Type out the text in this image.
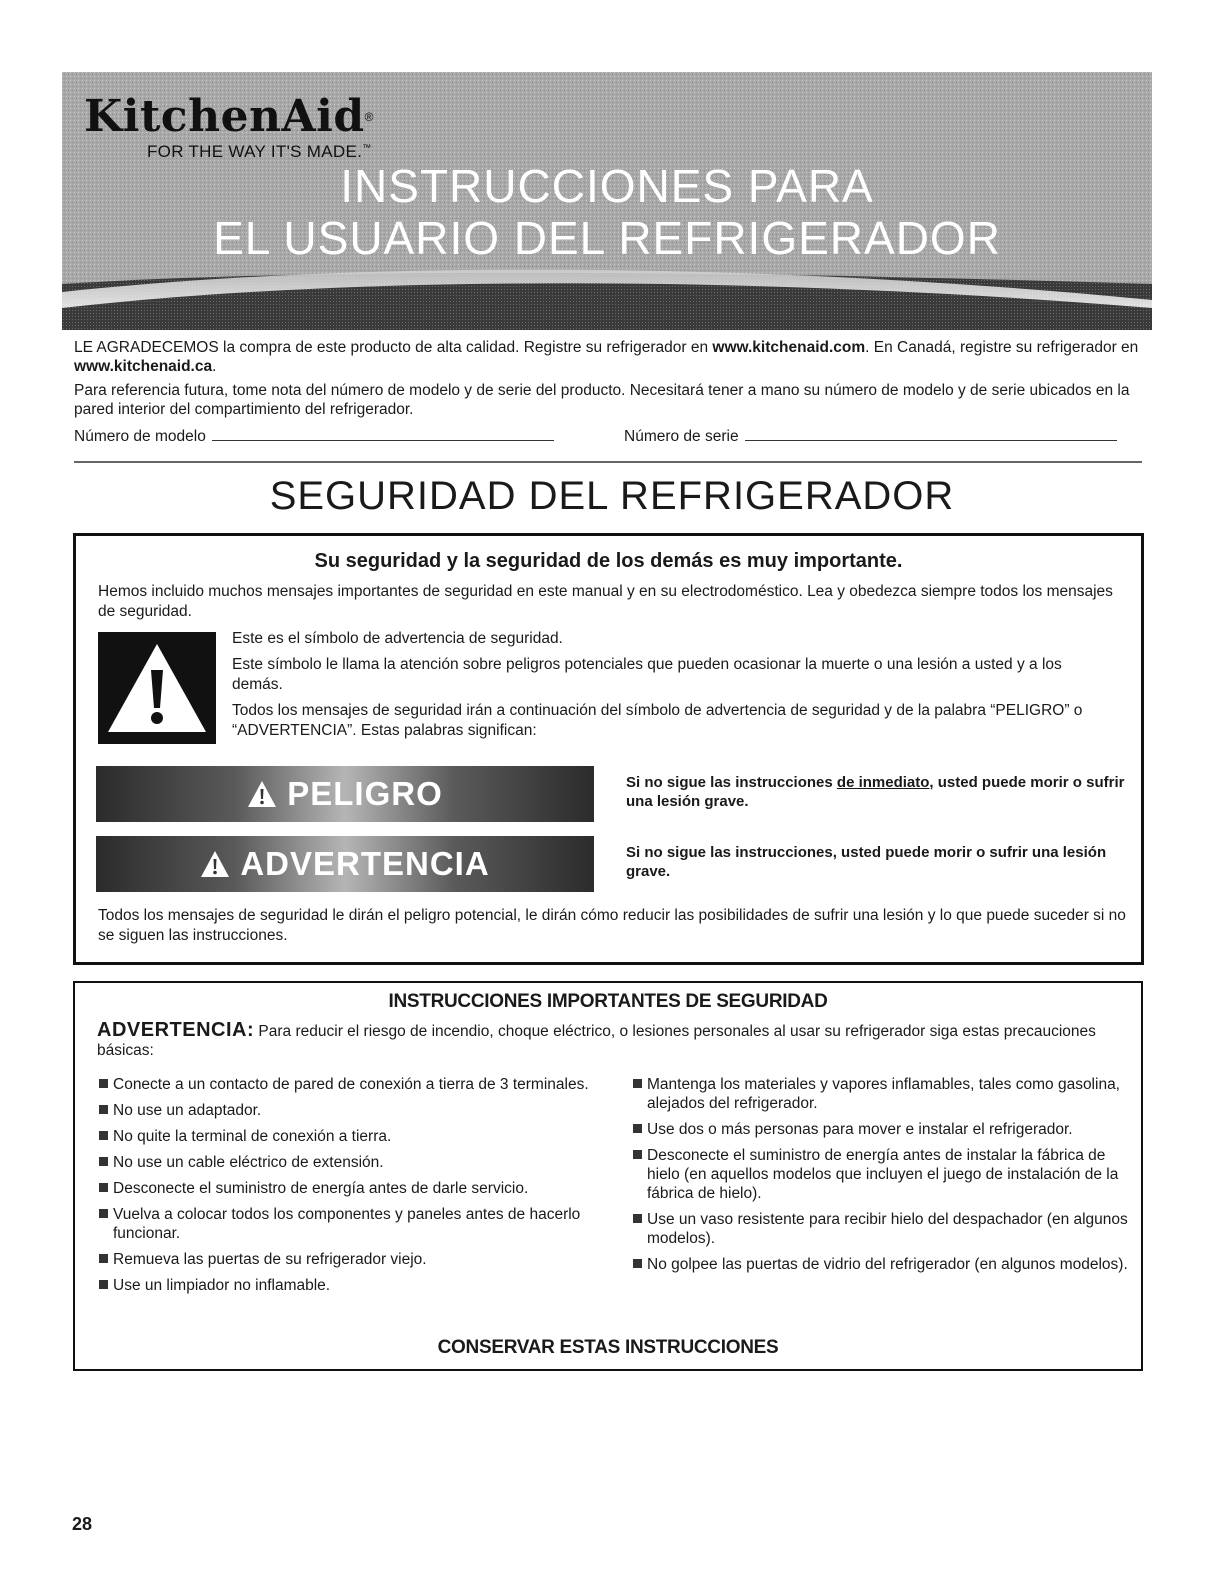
KitchenAid®
FOR THE WAY IT'S MADE.™
INSTRUCCIONES PARA
EL USUARIO DEL REFRIGERADOR

LE AGRADECEMOS la compra de este producto de alta calidad. Registre su refrigerador en www.kitchenaid.com. En Canadá, registre su refrigerador en www.kitchenaid.ca.

Para referencia futura, tome nota del número de modelo y de serie del producto. Necesitará tener a mano su número de modelo y de serie ubicados en la pared interior del compartimiento del refrigerador.

Número de modelo	Número de serie
SEGURIDAD DEL REFRIGERADOR
Su seguridad y la seguridad de los demás es muy importante.
Hemos incluido muchos mensajes importantes de seguridad en este manual y en su electrodoméstico. Lea y obedezca siempre todos los mensajes de seguridad.

Este es el símbolo de advertencia de seguridad.

Este símbolo le llama la atención sobre peligros potenciales que pueden ocasionar la muerte o una lesión a usted y a los demás.

Todos los mensajes de seguridad irán a continuación del símbolo de advertencia de seguridad y de la palabra “PELIGRO” o “ADVERTENCIA”. Estas palabras significan:

PELIGRO	Si no sigue las instrucciones de inmediato, usted puede morir o sufrir una lesión grave.
ADVERTENCIA	Si no sigue las instrucciones, usted puede morir o sufrir una lesión grave.
Todos los mensajes de seguridad le dirán el peligro potencial, le dirán cómo reducir las posibilidades de sufrir una lesión y lo que puede suceder si no se siguen las instrucciones.
INSTRUCCIONES IMPORTANTES DE SEGURIDAD
ADVERTENCIA: Para reducir el riesgo de incendio, choque eléctrico, o lesiones personales al usar su refrigerador siga estas precauciones básicas:
Conecte a un contacto de pared de conexión a tierra de 3 terminales.
No use un adaptador.
No quite la terminal de conexión a tierra.
No use un cable eléctrico de extensión.
Desconecte el suministro de energía antes de darle servicio.
Vuelva a colocar todos los componentes y paneles antes de hacerlo funcionar.
Remueva las puertas de su refrigerador viejo.
Use un limpiador no inflamable.
Mantenga los materiales y vapores inflamables, tales como gasolina, alejados del refrigerador.
Use dos o más personas para mover e instalar el refrigerador.
Desconecte el suministro de energía antes de instalar la fábrica de hielo (en aquellos modelos que incluyen el juego de instalación de la fábrica de hielo).
Use un vaso resistente para recibir hielo del despachador (en algunos modelos).
No golpee las puertas de vidrio del refrigerador (en algunos modelos).
CONSERVAR ESTAS INSTRUCCIONES
28
